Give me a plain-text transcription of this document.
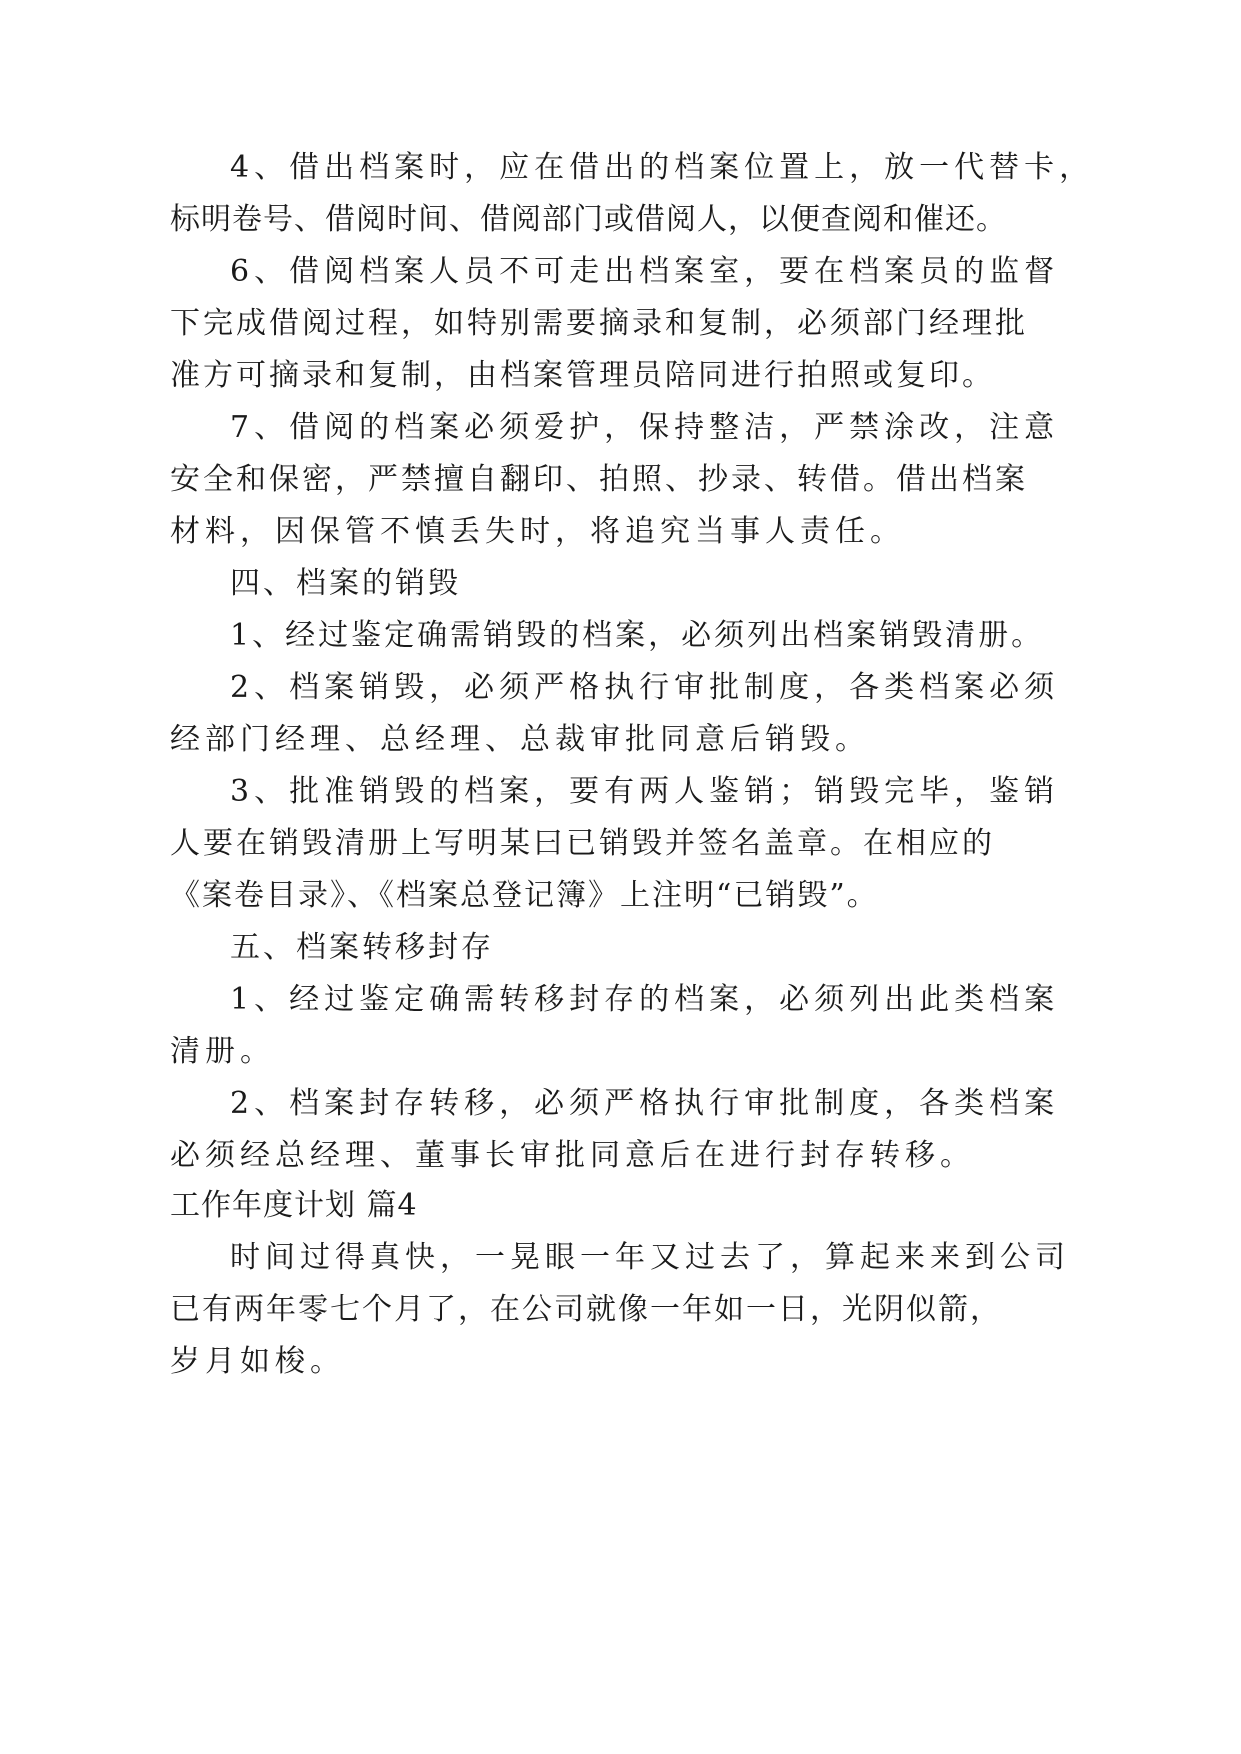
4、借出档案时，应在借出的档案位置上，放一代替卡，
标明卷号、借阅时间、借阅部门或借阅人，以便查阅和催还。
6、借阅档案人员不可走出档案室，要在档案员的监督
下完成借阅过程，如特别需要摘录和复制，必须部门经理批
准方可摘录和复制，由档案管理员陪同进行拍照或复印。
7、借阅的档案必须爱护，保持整洁，严禁涂改，注意
安全和保密，严禁擅自翻印、拍照、抄录、转借。借出档案
材料，因保管不慎丢失时，将追究当事人责任。
四、档案的销毁
1、经过鉴定确需销毁的档案，必须列出档案销毁清册。
2、档案销毁，必须严格执行审批制度，各类档案必须
经部门经理、总经理、总裁审批同意后销毁。
3、批准销毁的档案，要有两人鉴销；销毁完毕，鉴销
人要在销毁清册上写明某曰已销毁并签名盖章。在相应的
《案卷目录》、《档案总登记簿》上注明“已销毁”。
五、档案转移封存
1、经过鉴定确需转移封存的档案，必须列出此类档案
清册。
2、档案封存转移，必须严格执行审批制度，各类档案
必须经总经理、董事长审批同意后在进行封存转移。
工作年度计划 篇4
时间过得真快，一晃眼一年又过去了，算起来来到公司
已有两年零七个月了，在公司就像一年如一日，光阴似箭，
岁月如梭。
